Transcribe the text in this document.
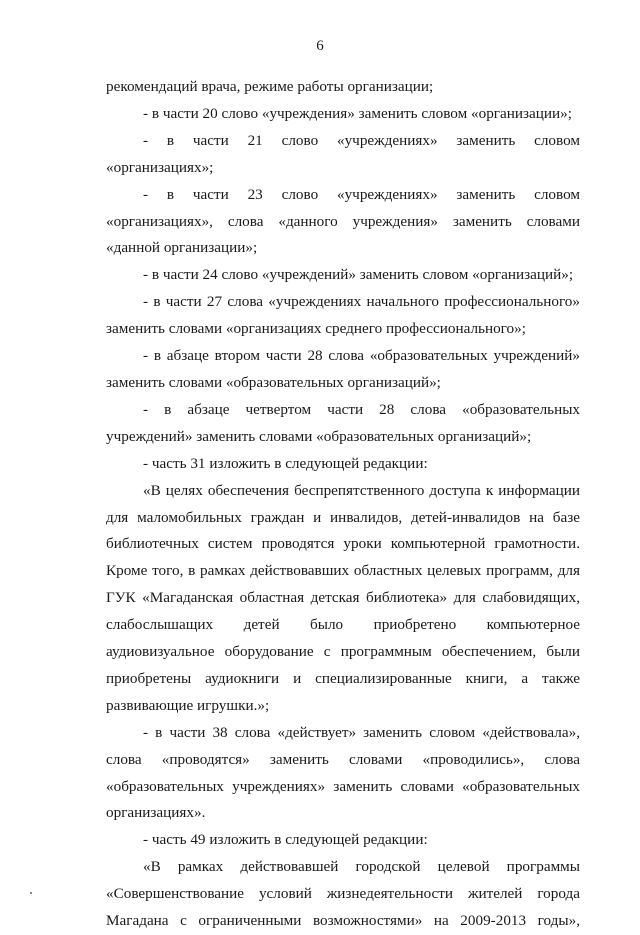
6

рекомендаций врача, режиме работы организации;

- в части 20 слово «учреждения» заменить словом «организации»;

- в части 21 слово «учреждениях» заменить словом «организациях»;

- в части 23 слово «учреждениях» заменить словом «организациях», слова «данного учреждения» заменить словами «данной организации»;

- в части 24 слово «учреждений» заменить словом «организаций»;

- в части 27 слова «учреждениях начального профессионального» заменить словами «организациях среднего профессионального»;

- в абзаце втором части 28 слова «образовательных учреждений» заменить словами «образовательных организаций»;

- в абзаце четвертом части 28 слова «образовательных учреждений» заменить словами «образовательных организаций»;

- часть 31 изложить в следующей редакции:

«В целях обеспечения беспрепятственного доступа к информации для маломобильных граждан и инвалидов, детей-инвалидов на базе библиотечных систем проводятся уроки компьютерной грамотности. Кроме того, в рамках действовавших областных целевых программ, для ГУК «Магаданская областная детская библиотека» для слабовидящих, слабослышащих детей было приобретено компьютерное аудиовизуальное оборудование с программным обеспечением, были приобретены аудиокниги и специализированные книги, а также развивающие игрушки.»;

- в части 38 слова «действует» заменить словом «действовала», слова «проводятся» заменить словами «проводились», слова «образовательных учреждениях» заменить словами «образовательных организациях».

- часть 49 изложить в следующей редакции:

«В рамках действовавшей городской целевой программы «Совершенствование условий жизнедеятельности жителей города Магадана с ограниченными возможностями» на 2009-2013 годы»,
